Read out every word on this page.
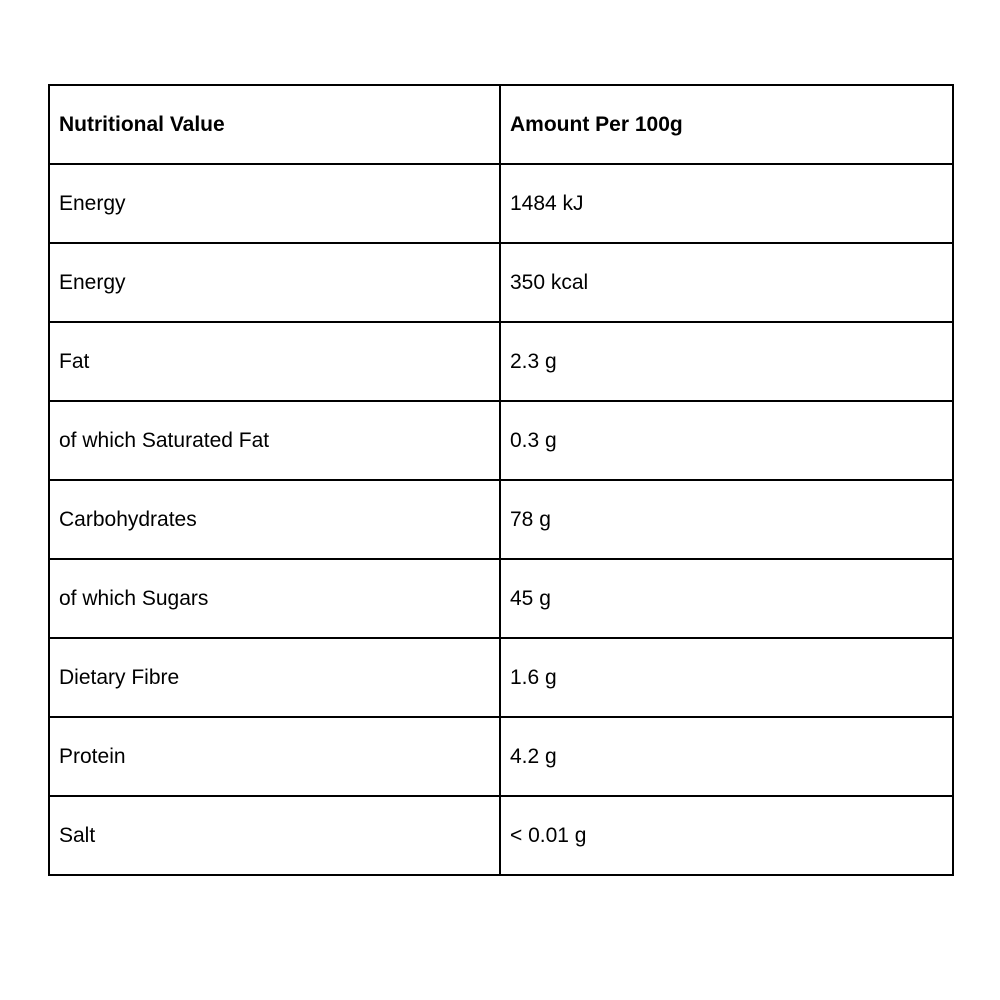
Nutritional Value	Amount Per 100g
Energy	1484 kJ
Energy	350 kcal
Fat	2.3 g
of which Saturated Fat	0.3 g
Carbohydrates	78 g
of which Sugars	45 g
Dietary Fibre	1.6 g
Protein	4.2 g
Salt	< 0.01 g
